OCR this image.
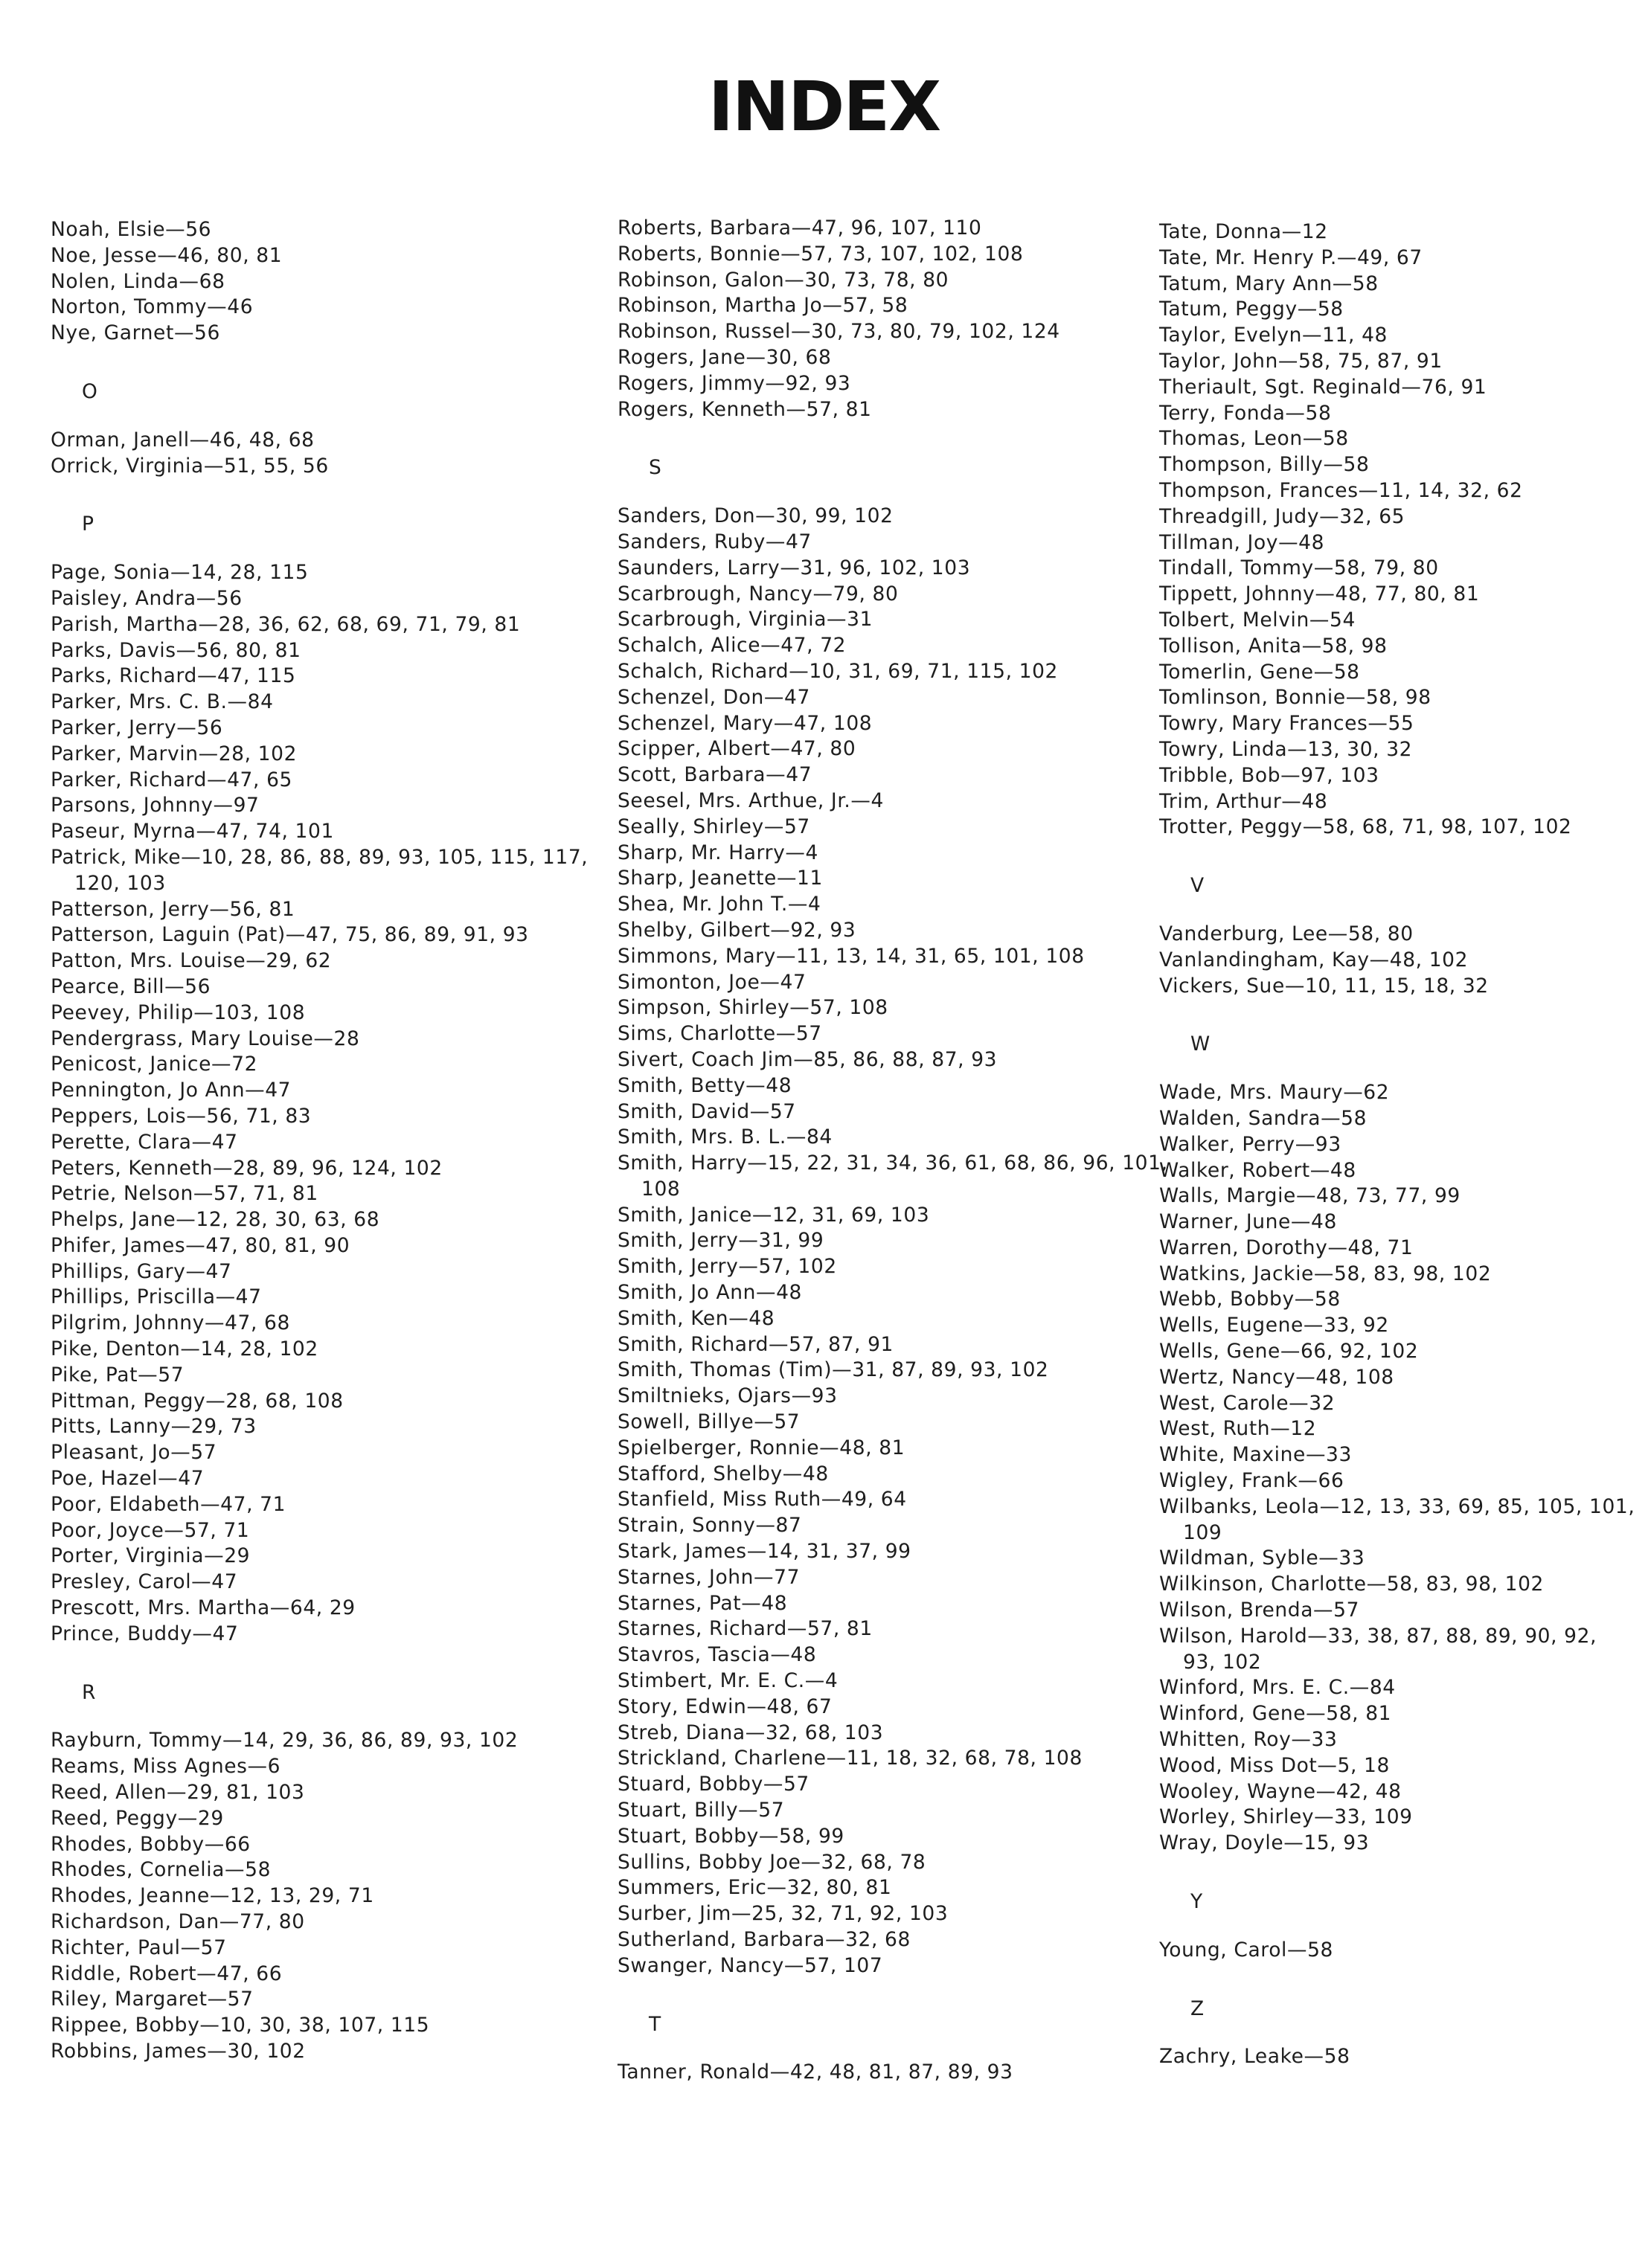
INDEX
Noah, Elsie—56
Noe, Jesse—46, 80, 81
Nolen, Linda—68
Norton, Tommy—46
Nye, Garnet—56
O
Orman, Janell—46, 48, 68
Orrick, Virginia—51, 55, 56
P
Page, Sonia—14, 28, 115
Paisley, Andra—56
Parish, Martha—28, 36, 62, 68, 69, 71, 79, 81
Parks, Davis—56, 80, 81
Parks, Richard—47, 115
Parker, Mrs. C. B.—84
Parker, Jerry—56
Parker, Marvin—28, 102
Parker, Richard—47, 65
Parsons, Johnny—97
Paseur, Myrna—47, 74, 101
Patrick, Mike—10, 28, 86, 88, 89, 93, 105, 115, 117, 120, 103
Patterson, Jerry—56, 81
Patterson, Laguin (Pat)—47, 75, 86, 89, 91, 93
Patton, Mrs. Louise—29, 62
Pearce, Bill—56
Peevey, Philip—103, 108
Pendergrass, Mary Louise—28
Penicost, Janice—72
Pennington, Jo Ann—47
Peppers, Lois—56, 71, 83
Perette, Clara—47
Peters, Kenneth—28, 89, 96, 124, 102
Petrie, Nelson—57, 71, 81
Phelps, Jane—12, 28, 30, 63, 68
Phifer, James—47, 80, 81, 90
Phillips, Gary—47
Phillips, Priscilla—47
Pilgrim, Johnny—47, 68
Pike, Denton—14, 28, 102
Pike, Pat—57
Pittman, Peggy—28, 68, 108
Pitts, Lanny—29, 73
Pleasant, Jo—57
Poe, Hazel—47
Poor, Eldabeth—47, 71
Poor, Joyce—57, 71
Porter, Virginia—29
Presley, Carol—47
Prescott, Mrs. Martha—64, 29
Prince, Buddy—47
R
Rayburn, Tommy—14, 29, 36, 86, 89, 93, 102
Reams, Miss Agnes—6
Reed, Allen—29, 81, 103
Reed, Peggy—29
Rhodes, Bobby—66
Rhodes, Cornelia—58
Rhodes, Jeanne—12, 13, 29, 71
Richardson, Dan—77, 80
Richter, Paul—57
Riddle, Robert—47, 66
Riley, Margaret—57
Rippee, Bobby—10, 30, 38, 107, 115
Robbins, James—30, 102
Roberts, Barbara—47, 96, 107, 110
Roberts, Bonnie—57, 73, 107, 102, 108
Robinson, Galon—30, 73, 78, 80
Robinson, Martha Jo—57, 58
Robinson, Russel—30, 73, 80, 79, 102, 124
Rogers, Jane—30, 68
Rogers, Jimmy—92, 93
Rogers, Kenneth—57, 81
S
Sanders, Don—30, 99, 102
Sanders, Ruby—47
Saunders, Larry—31, 96, 102, 103
Scarbrough, Nancy—79, 80
Scarbrough, Virginia—31
Schalch, Alice—47, 72
Schalch, Richard—10, 31, 69, 71, 115, 102
Schenzel, Don—47
Schenzel, Mary—47, 108
Scipper, Albert—47, 80
Scott, Barbara—47
Seesel, Mrs. Arthue, Jr.—4
Seally, Shirley—57
Sharp, Mr. Harry—4
Sharp, Jeanette—11
Shea, Mr. John T.—4
Shelby, Gilbert—92, 93
Simmons, Mary—11, 13, 14, 31, 65, 101, 108
Simonton, Joe—47
Simpson, Shirley—57, 108
Sims, Charlotte—57
Sivert, Coach Jim—85, 86, 88, 87, 93
Smith, Betty—48
Smith, David—57
Smith, Mrs. B. L.—84
Smith, Harry—15, 22, 31, 34, 36, 61, 68, 86, 96, 101, 108
Smith, Janice—12, 31, 69, 103
Smith, Jerry—31, 99
Smith, Jerry—57, 102
Smith, Jo Ann—48
Smith, Ken—48
Smith, Richard—57, 87, 91
Smith, Thomas (Tim)—31, 87, 89, 93, 102
Smiltnieks, Ojars—93
Sowell, Billye—57
Spielberger, Ronnie—48, 81
Stafford, Shelby—48
Stanfield, Miss Ruth—49, 64
Strain, Sonny—87
Stark, James—14, 31, 37, 99
Starnes, John—77
Starnes, Pat—48
Starnes, Richard—57, 81
Stavros, Tascia—48
Stimbert, Mr. E. C.—4
Story, Edwin—48, 67
Streb, Diana—32, 68, 103
Strickland, Charlene—11, 18, 32, 68, 78, 108
Stuard, Bobby—57
Stuart, Billy—57
Stuart, Bobby—58, 99
Sullins, Bobby Joe—32, 68, 78
Summers, Eric—32, 80, 81
Surber, Jim—25, 32, 71, 92, 103
Sutherland, Barbara—32, 68
Swanger, Nancy—57, 107
T
Tanner, Ronald—42, 48, 81, 87, 89, 93
Tate, Donna—12
Tate, Mr. Henry P.—49, 67
Tatum, Mary Ann—58
Tatum, Peggy—58
Taylor, Evelyn—11, 48
Taylor, John—58, 75, 87, 91
Theriault, Sgt. Reginald—76, 91
Terry, Fonda—58
Thomas, Leon—58
Thompson, Billy—58
Thompson, Frances—11, 14, 32, 62
Threadgill, Judy—32, 65
Tillman, Joy—48
Tindall, Tommy—58, 79, 80
Tippett, Johnny—48, 77, 80, 81
Tolbert, Melvin—54
Tollison, Anita—58, 98
Tomerlin, Gene—58
Tomlinson, Bonnie—58, 98
Towry, Mary Frances—55
Towry, Linda—13, 30, 32
Tribble, Bob—97, 103
Trim, Arthur—48
Trotter, Peggy—58, 68, 71, 98, 107, 102
V
Vanderburg, Lee—58, 80
Vanlandingham, Kay—48, 102
Vickers, Sue—10, 11, 15, 18, 32
W
Wade, Mrs. Maury—62
Walden, Sandra—58
Walker, Perry—93
Walker, Robert—48
Walls, Margie—48, 73, 77, 99
Warner, June—48
Warren, Dorothy—48, 71
Watkins, Jackie—58, 83, 98, 102
Webb, Bobby—58
Wells, Eugene—33, 92
Wells, Gene—66, 92, 102
Wertz, Nancy—48, 108
West, Carole—32
West, Ruth—12
White, Maxine—33
Wigley, Frank—66
Wilbanks, Leola—12, 13, 33, 69, 85, 105, 101, 109
Wildman, Syble—33
Wilkinson, Charlotte—58, 83, 98, 102
Wilson, Brenda—57
Wilson, Harold—33, 38, 87, 88, 89, 90, 92, 93, 102
Winford, Mrs. E. C.—84
Winford, Gene—58, 81
Whitten, Roy—33
Wood, Miss Dot—5, 18
Wooley, Wayne—42, 48
Worley, Shirley—33, 109
Wray, Doyle—15, 93
Y
Young, Carol—58
Z
Zachry, Leake—58
